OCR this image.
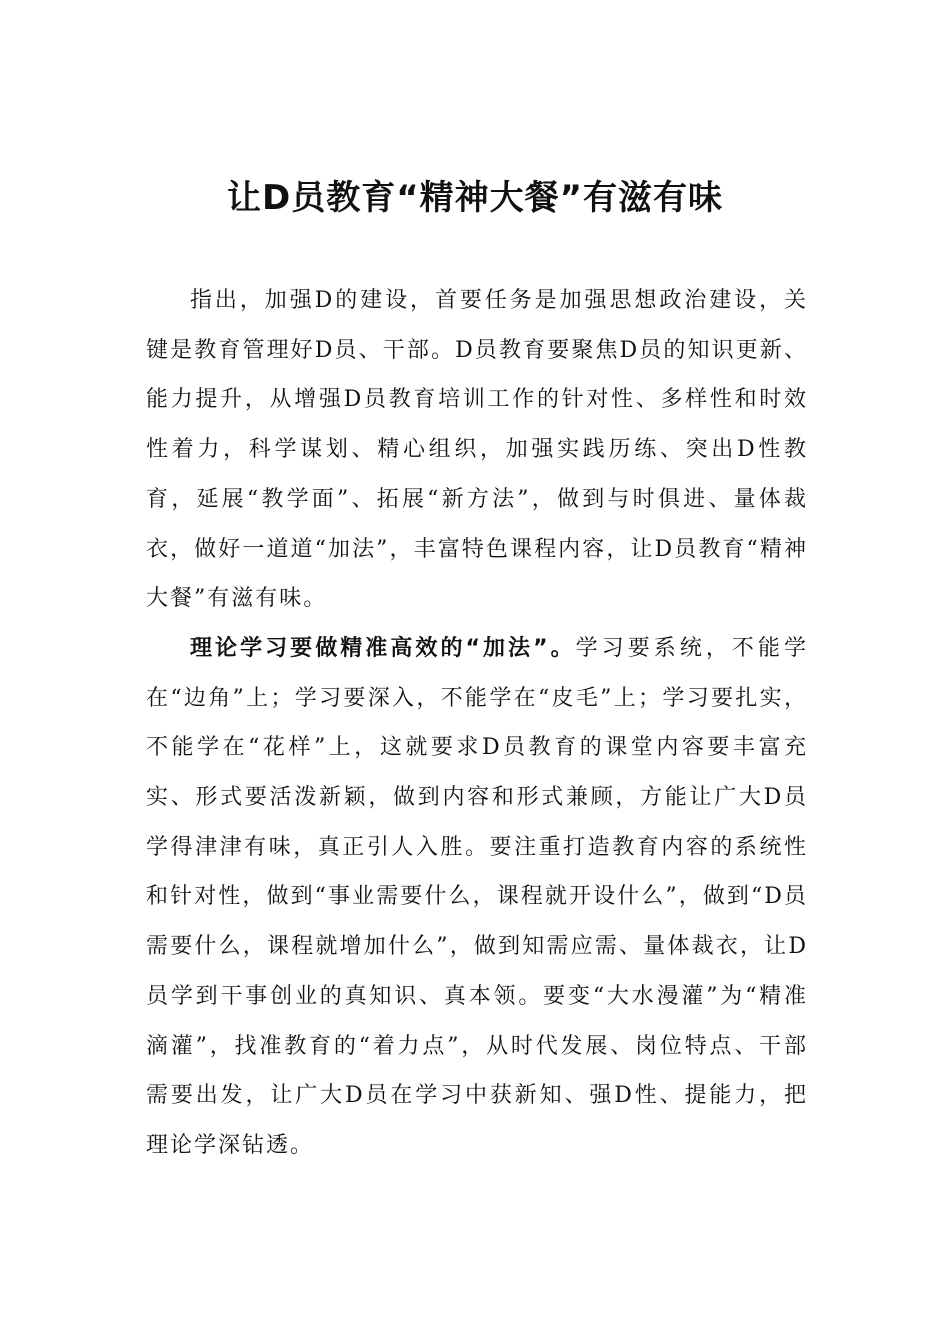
让D员教育“精神大餐”有滋有味

指出，加强D的建设，首要任务是加强思想政治建设，关键是教育管理好D员、干部。D员教育要聚焦D员的知识更新、能力提升，从增强D员教育培训工作的针对性、多样性和时效性着力，科学谋划、精心组织，加强实践历练、突出D性教育，延展“教学面”、拓展“新方法”，做到与时俱进、量体裁衣，做好一道道“加法”，丰富特色课程内容，让D员教育“精神大餐”有滋有味。

理论学习要做精准高效的“加法”。学习要系统，不能学在“边角”上；学习要深入，不能学在“皮毛”上；学习要扎实，不能学在“花样”上，这就要求D员教育的课堂内容要丰富充实、形式要活泼新颖，做到内容和形式兼顾，方能让广大D员学得津津有味，真正引人入胜。要注重打造教育内容的系统性和针对性，做到“事业需要什么，课程就开设什么”，做到“D员需要什么，课程就增加什么”，做到知需应需、量体裁衣，让D员学到干事创业的真知识、真本领。要变“大水漫灌”为“精准滴灌”，找准教育的“着力点”，从时代发展、岗位特点、干部需要出发，让广大D员在学习中获新知、强D性、提能力，把理论学深钻透。
